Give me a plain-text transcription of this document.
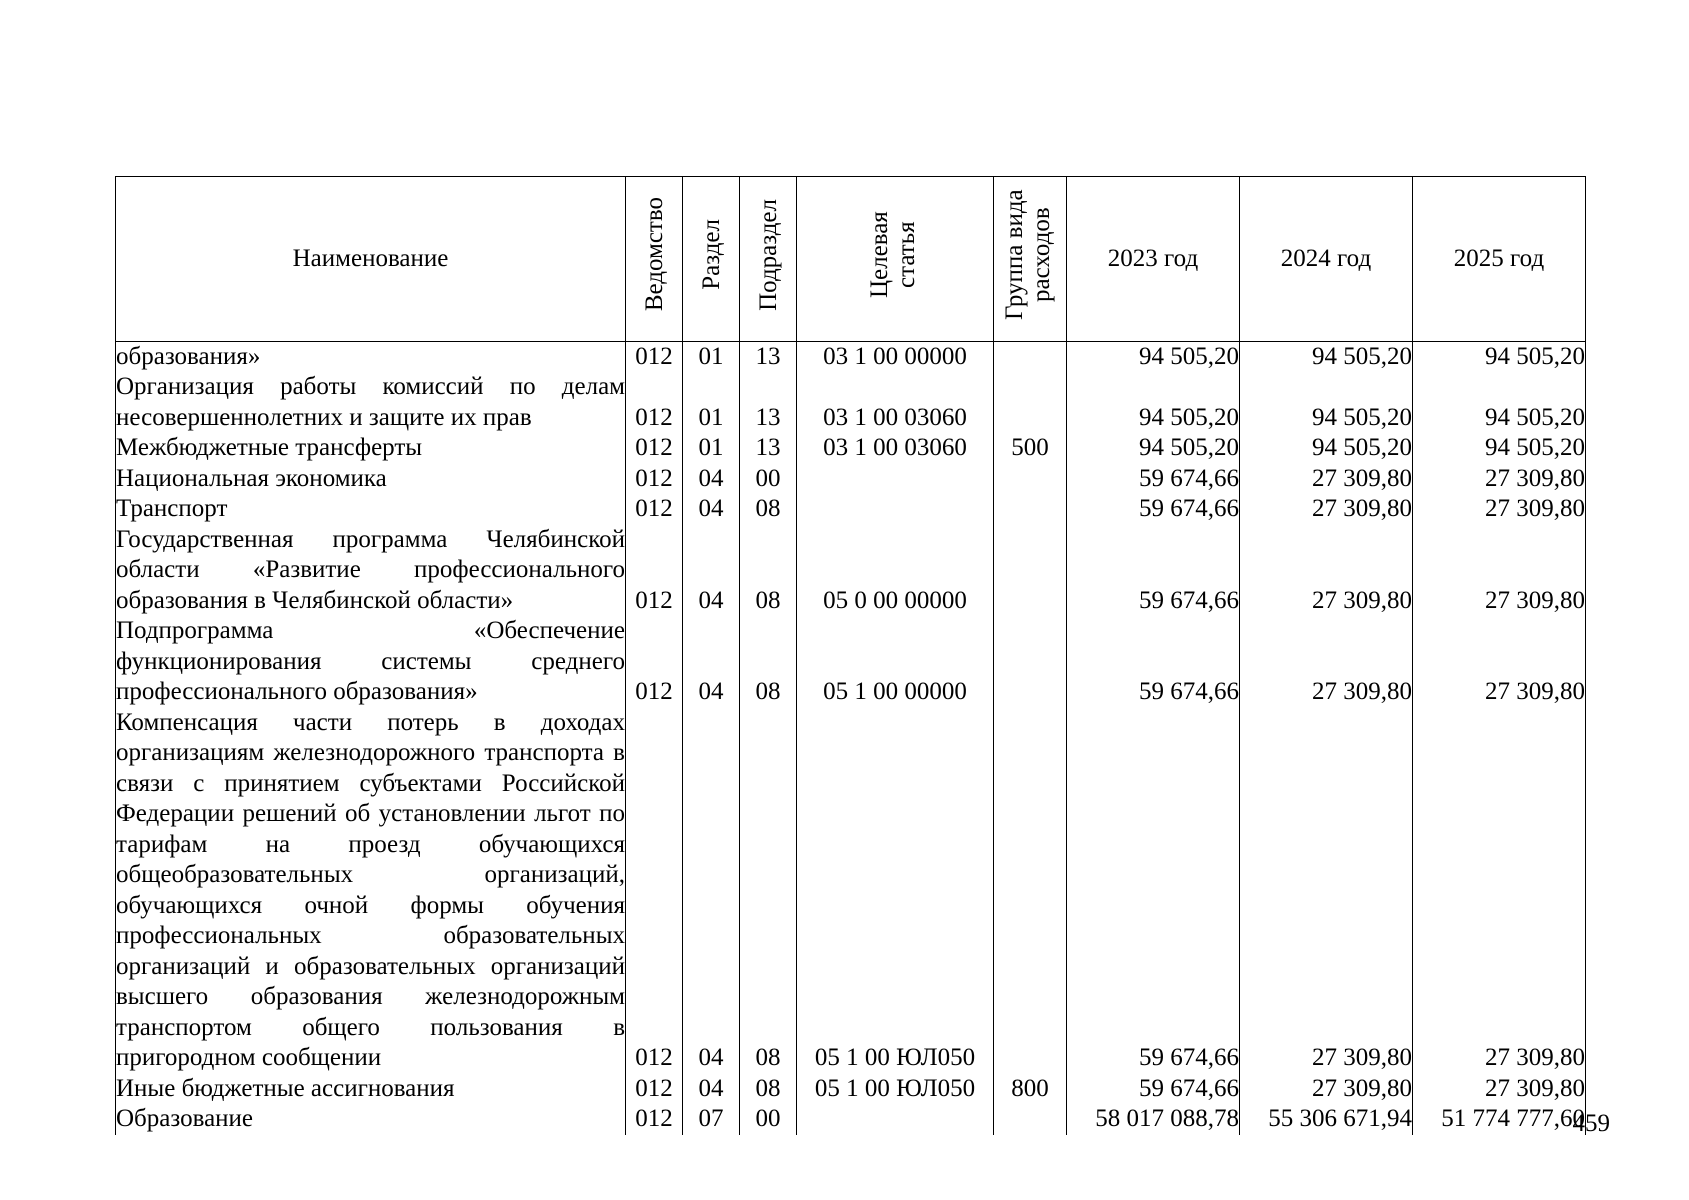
Наименование	Ведомство	Раздел	Подраздел	Целевая статья	Группа вида расходов	2023 год	2024 год	2025 год
образования»	012	01	13	03 1 00 00000		94 505,20	94 505,20	94 505,20
Организация работы комиссий по делам несовершеннолетних и защите их прав	012	01	13	03 1 00 03060		94 505,20	94 505,20	94 505,20
Межбюджетные трансферты	012	01	13	03 1 00 03060	500	94 505,20	94 505,20	94 505,20
Национальная экономика	012	04	00			59 674,66	27 309,80	27 309,80
Транспорт	012	04	08			59 674,66	27 309,80	27 309,80
Государственная программа Челябинской области «Развитие профессионального образования в Челябинской области»	012	04	08	05 0 00 00000		59 674,66	27 309,80	27 309,80
Подпрограмма «Обеспечение функционирования системы среднего профессионального образования»	012	04	08	05 1 00 00000		59 674,66	27 309,80	27 309,80
Компенсация части потерь в доходах организациям железнодорожного транспорта в связи с принятием субъектами Российской Федерации решений об установлении льгот по тарифам на проезд обучающихся общеобразовательных организаций, обучающихся очной формы обучения профессиональных образовательных организаций и образовательных организаций высшего образования железнодорожным транспортом общего пользования в пригородном сообщении	012	04	08	05 1 00 ЮЛ050		59 674,66	27 309,80	27 309,80
Иные бюджетные ассигнования	012	04	08	05 1 00 ЮЛ050	800	59 674,66	27 309,80	27 309,80
Образование	012	07	00			58 017 088,78	55 306 671,94	51 774 777,60
459
